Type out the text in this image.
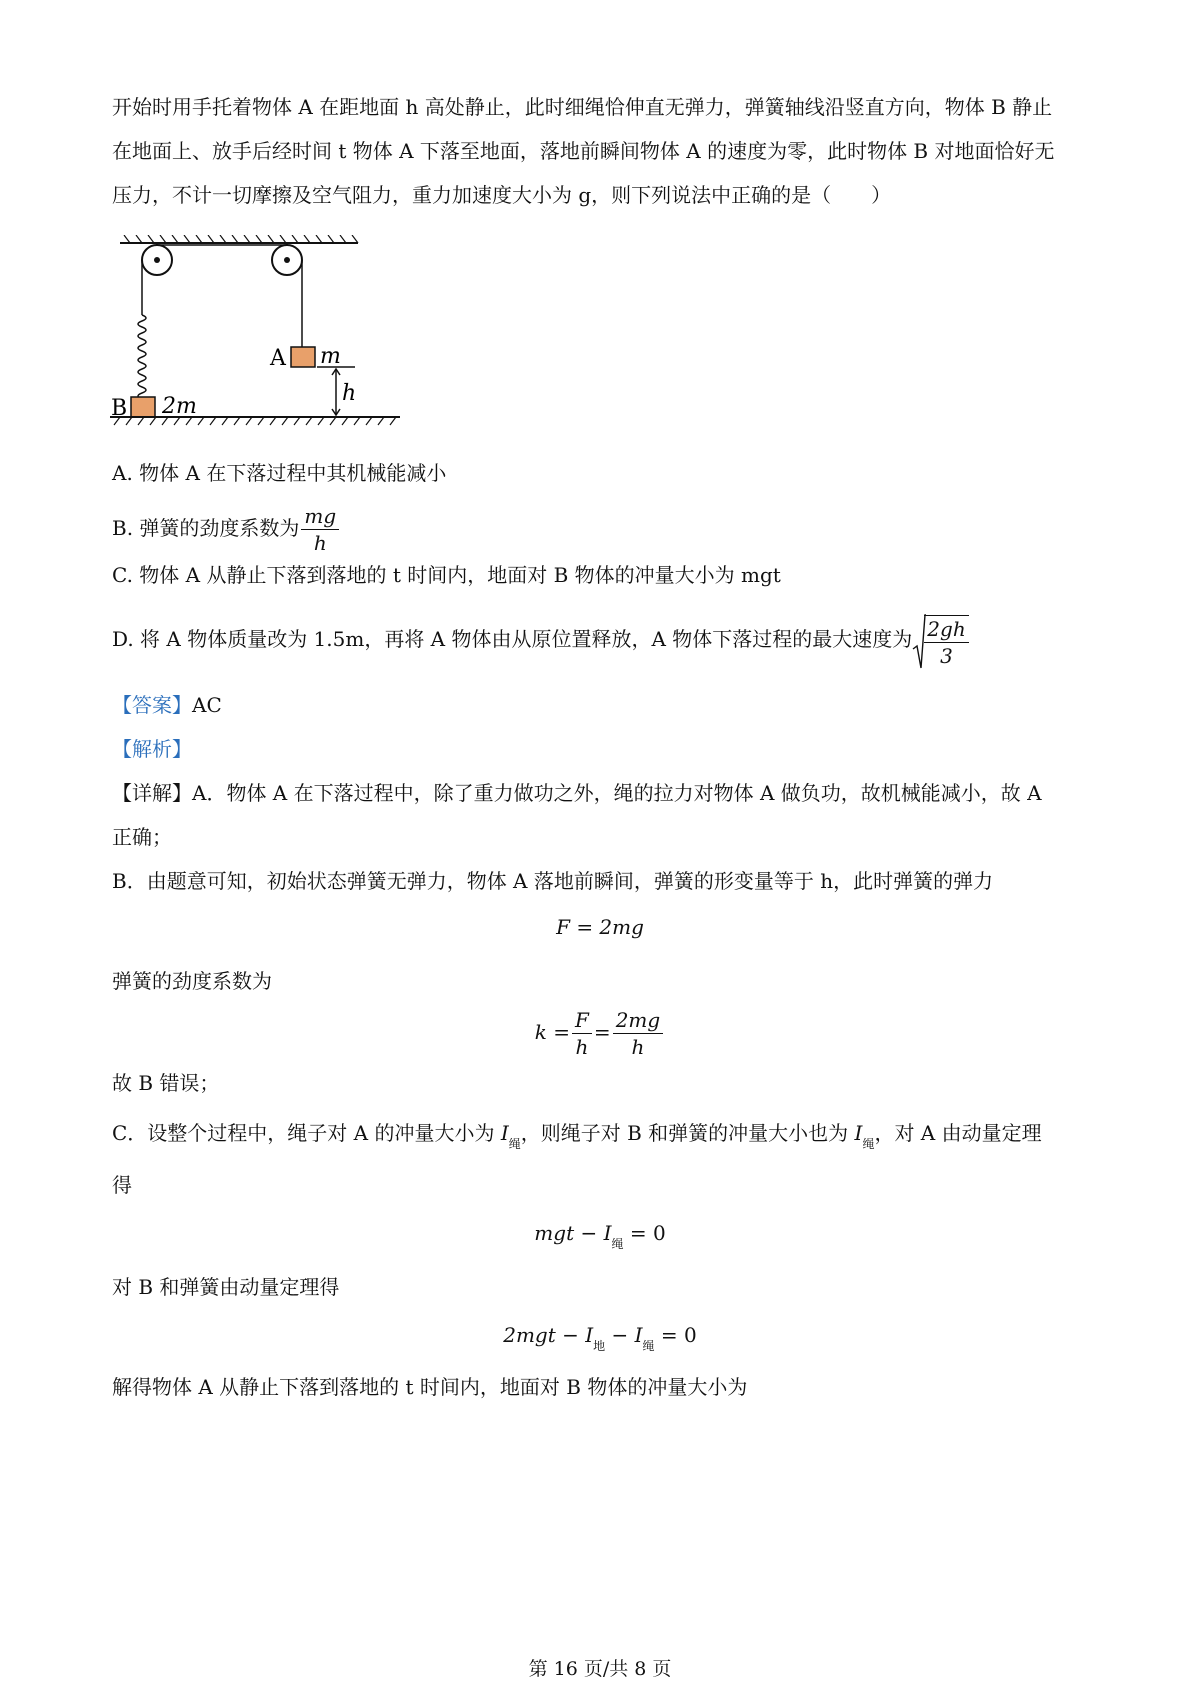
开始时用手托着物体 A 在距地面 h 高处静止，此时细绳恰伸直无弹力，弹簧轴线沿竖直方向，物体 B 静止
在地面上、放手后经时间 t 物体 A 下落至地面，落地前瞬间物体 A 的速度为零，此时物体 B 对地面恰好无
压力，不计一切摩擦及空气阻力，重力加速度大小为 g，则下列说法中正确的是（　　）
A m
h
B 2m
A. 物体 A 在下落过程中其机械能减小
B. 弹簧的劲度系数为 $\frac{mg}{h}$
C. 物体 A 从静止下落到落地的 t 时间内，地面对 B 物体的冲量大小为 mgt
D. 将 A 物体质量改为 1.5m，再将 A 物体由从原位置释放，A 物体下落过程的最大速度为 $\frac{2gh}{3}$
【答案】AC
【解析】
【详解】A．物体 A 在下落过程中，除了重力做功之外，绳的拉力对物体 A 做负功，故机械能减小，故 A
正确；
B．由题意可知，初始状态弹簧无弹力，物体 A 落地前瞬间，弹簧的形变量等于 h，此时弹簧的弹力
F = 2mg
弹簧的劲度系数为
$k = \frac{F}{h} = \frac{2mg}{h}$
故 B 错误；
C．设整个过程中，绳子对 A 的冲量大小为 $I_绳$，则绳子对 B 和弹簧的冲量大小也为 $I_绳$，对 A 由动量定理
得
mgt − $I_绳 = 0$
对 B 和弹簧由动量定理得
$2mgt - I_地 - I_绳 = 0$
解得物体 A 从静止下落到落地的 t 时间内，地面对 B 物体的冲量大小为
第 16 页/共 8 页
